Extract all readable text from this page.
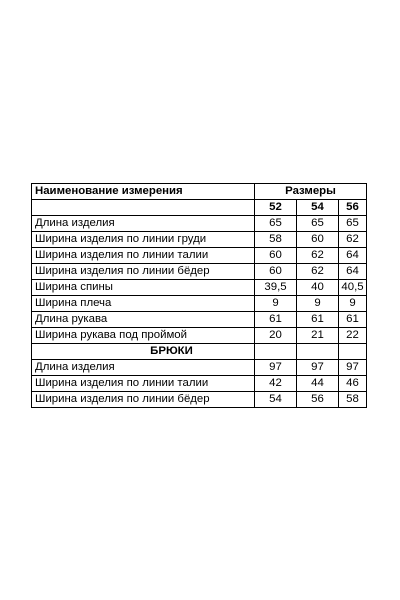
Наименование измерения	Размеры		
	52	54	56
Длина изделия	65	65	65
Ширина изделия по линии груди	58	60	62
Ширина изделия по линии талии	60	62	64
Ширина изделия по линии бёдер	60	62	64
Ширина спины	39,5	40	40,5
Ширина плеча	9	9	9
Длина рукава	61	61	61
Ширина рукава под проймой	20	21	22
БРЮКИ			
Длина изделия	97	97	97
Ширина изделия по линии талии	42	44	46
Ширина изделия по линии бёдер	54	56	58
